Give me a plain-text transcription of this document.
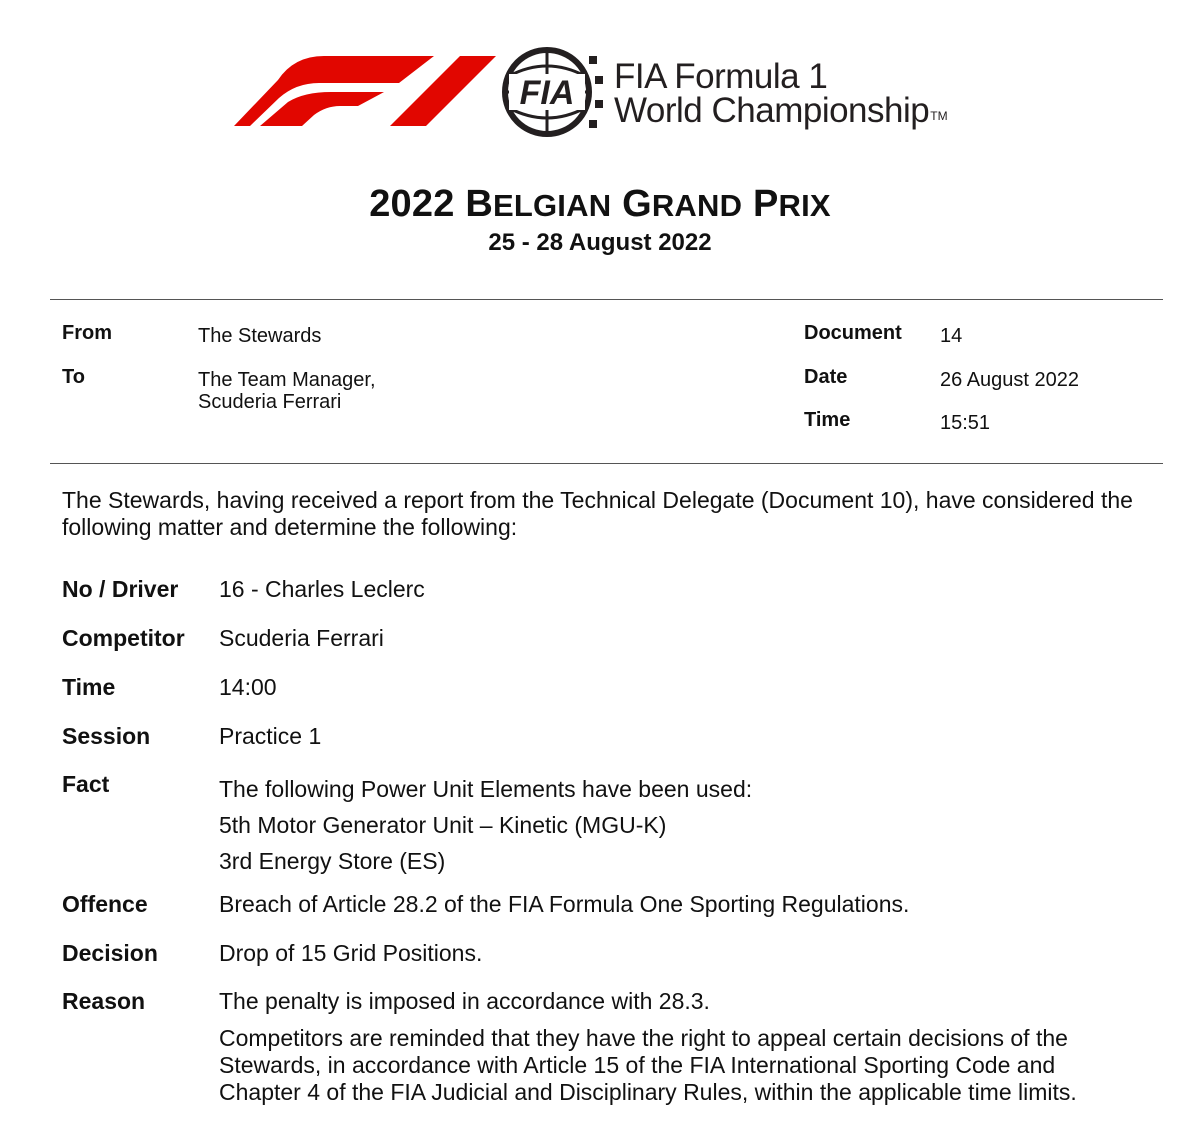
FIA FIA Formula 1
World ChampionshipTM
2022 BELGIAN GRAND PRIX
25 - 28 August 2022
From	The Stewards
To	The Team Manager,
Scuderia Ferrari
Document 14
Date	26 August 2022
Time	15:51
The Stewards, having received a report from the Technical Delegate (Document 10), have considered the following matter and determine the following:
No / Driver 16 - Charles Leclerc
Competitor Scuderia Ferrari
Time	14:00
Session	Practice 1
Fact	The following Power Unit Elements have been used:
5th Motor Generator Unit – Kinetic (MGU-K)
3rd Energy Store (ES)
Offence	Breach of Article 28.2 of the FIA Formula One Sporting Regulations.
Decision	Drop of 15 Grid Positions.
Reason	The penalty is imposed in accordance with 28.3.
Competitors are reminded that they have the right to appeal certain decisions of the
Stewards, in accordance with Article 15 of the FIA International Sporting Code and
Chapter 4 of the FIA Judicial and Disciplinary Rules, within the applicable time limits.
